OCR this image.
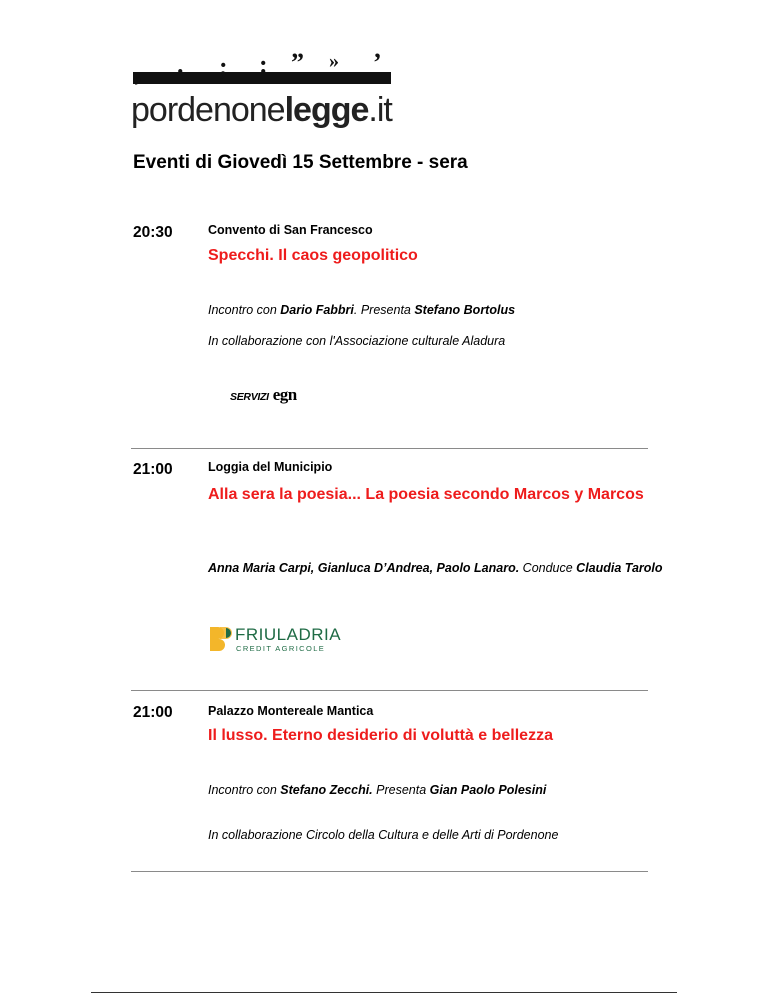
, . ; : ” » ’
pordenonelegge.it
Eventi di Giovedì 15 Settembre - sera
20:30	Convento di San Francesco
Specchi. Il caos geopolitico
Incontro con Dario Fabbri. Presenta Stefano Bortolus
In collaborazione con l'Associazione culturale Aladura
SERVIZI egn
21:00	Loggia del Municipio
Alla sera la poesia... La poesia secondo Marcos y Marcos
Anna Maria Carpi, Gianluca D’Andrea, Paolo Lanaro. Conduce Claudia Tarolo
FRIULADRIA
CREDIT AGRICOLE
21:00	Palazzo Montereale Mantica
Il lusso. Eterno desiderio di voluttà e bellezza
Incontro con Stefano Zecchi. Presenta Gian Paolo Polesini
In collaborazione Circolo della Cultura e delle Arti di Pordenone
